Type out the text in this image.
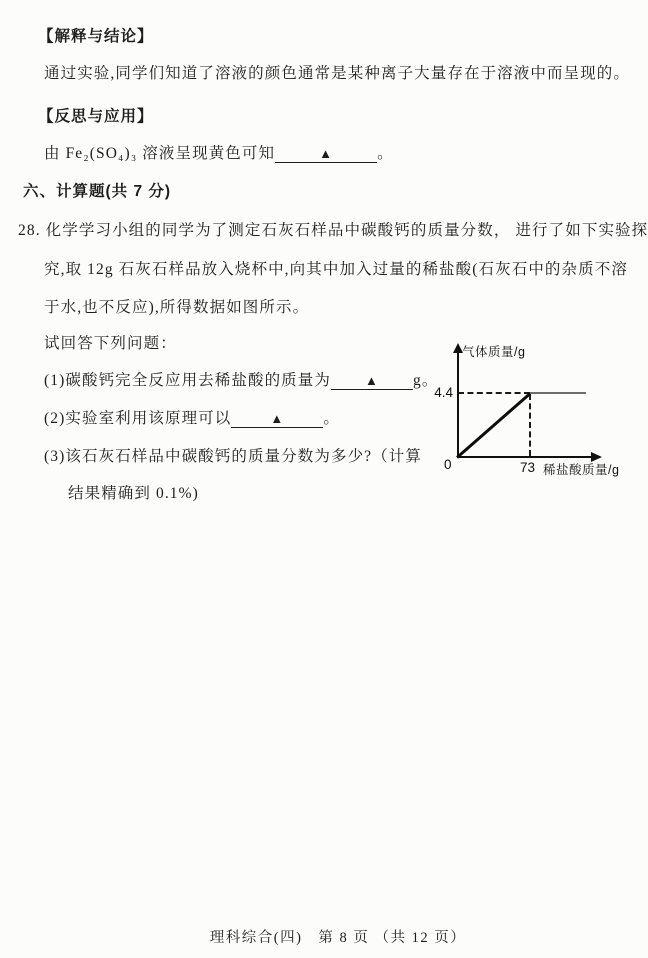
【解释与结论】

通过实验,同学们知道了溶液的颜色通常是某种离子大量存在于溶液中而呈现的。

【反思与应用】

由 Fe₂(SO₄)₃ 溶液呈现黄色可知	▲	。

六、计算题(共 7 分)

28. 化学学习小组的同学为了测定石灰石样品中碳酸钙的质量分数， 进行了如下实验探

究,取 12g 石灰石样品放入烧杯中,向其中加入过量的稀盐酸(石灰石中的杂质不溶

于水,也不反应),所得数据如图所示。

试回答下列问题：

(1)碳酸钙完全反应用去稀盐酸的质量为	▲ g。

(2)实验室利用该原理可以	▲	。

(3)该石灰石样品中碳酸钙的质量分数为多少?（计算

结果精确到 0.1%)

气体质量/g

4.4

0	73 稀盐酸质量/g

理科综合(四)　第 8 页 （共 12 页）
